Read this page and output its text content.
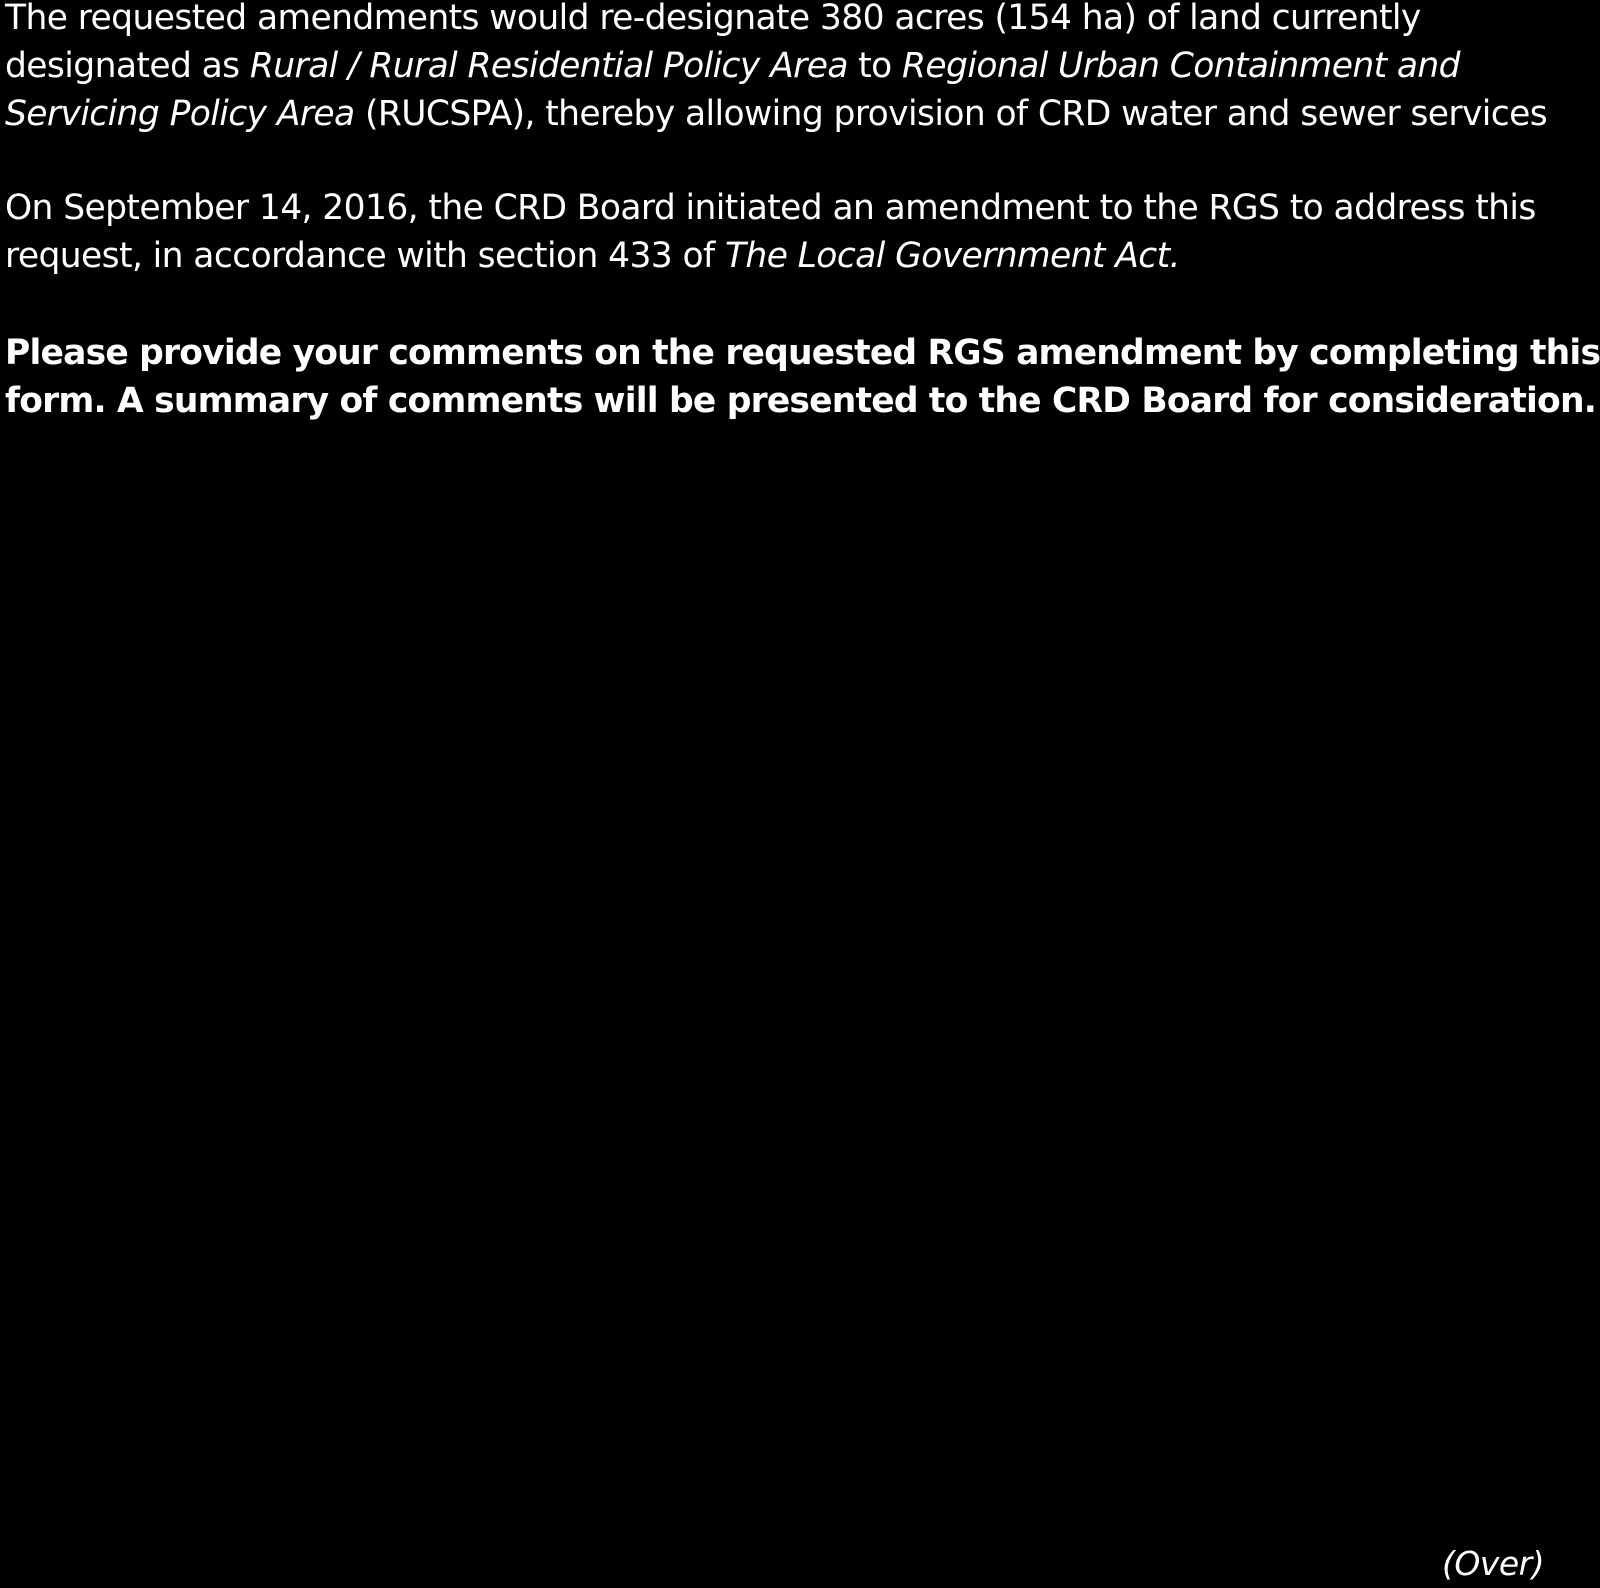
The requested amendments would re-designate 380 acres (154 ha) of land currently
designated as Rural / Rural Residential Policy Area to Regional Urban Containment and
Servicing Policy Area (RUCSPA), thereby allowing provision of CRD water and sewer services

On September 14, 2016, the CRD Board initiated an amendment to the RGS to address this
request, in accordance with section 433 of The Local Government Act.

Please provide your comments on the requested RGS amendment by completing this
form. A summary of comments will be presented to the CRD Board for consideration.

(Over)
